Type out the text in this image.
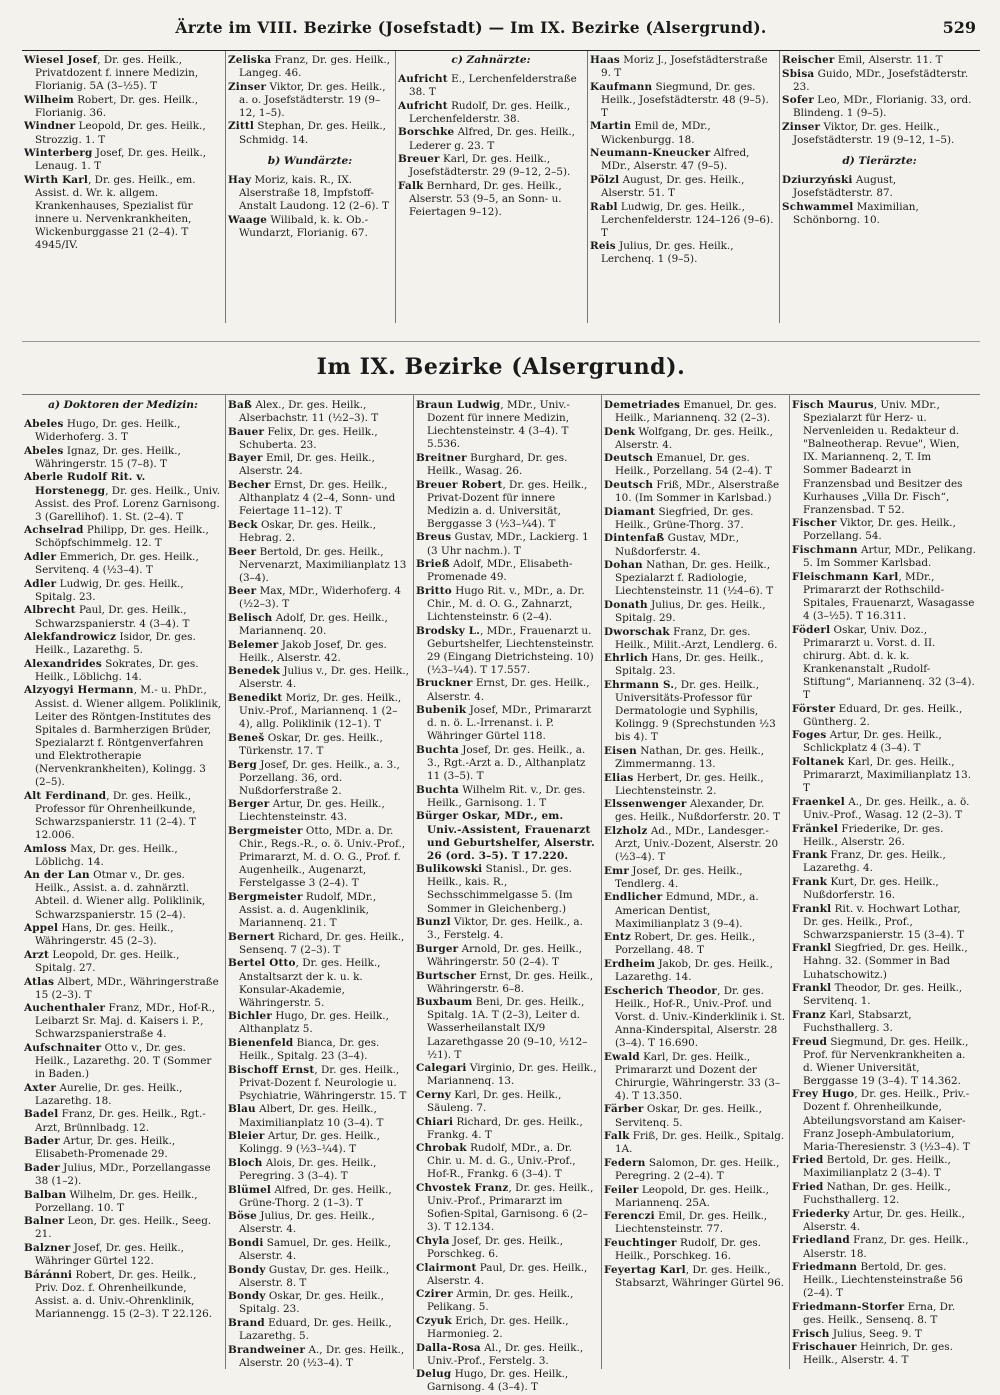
Ärzte im VIII. Bezirke (Josefstadt) — Im IX. Bezirke (Alsergrund).	529
Wiesel Josef, Dr. ges. Heilk., Privatdozent f. innere Medizin, Florianig. 5A (3–½5). T
Wilheim Robert, Dr. ges. Heilk., Florianig. 36.
Windner Leopold, Dr. ges. Heilk., Strozzig. 1. T
Winterberg Josef, Dr. ges. Heilk., Lenaug. 1. T
Wirth Karl, Dr. ges. Heilk., em. Assist. d. Wr. k. allgem. Krankenhauses, Spezialist für innere u. Nervenkrankheiten, Wickenburggasse 21 (2–4). T 4945/IV.
Zeliska Franz, Dr. ges. Heilk., Langeg. 46.
Zinser Viktor, Dr. ges. Heilk., a. o. Josefstädterstr. 19 (9–12, 1–5).
Zittl Stephan, Dr. ges. Heilk., Schmidg. 14.
b) Wundärzte:
Hay Moriz, kais. R., IX. Alserstraße 18, Impfstoff-Anstalt Laudong. 12 (2–6). T
Waage Wilibald, k. k. Ob.-Wundarzt, Florianig. 67.
c) Zahnärzte:
Aufricht E., Lerchenfelderstraße 38. T
Aufricht Rudolf, Dr. ges. Heilk., Lerchenfelderstr. 38.
Borschke Alfred, Dr. ges. Heilk., Lederer g. 23. T
Breuer Karl, Dr. ges. Heilk., Josefstädterstr. 29 (9–12, 2–5).
Falk Bernhard, Dr. ges. Heilk., Alserstr. 53 (9–5, an Sonn- u. Feiertagen 9–12).
Haas Moriz J., Josefstädterstraße 9. T
Kaufmann Siegmund, Dr. ges. Heilk., Josefstädterstr. 48 (9–5). T
Martin Emil de, MDr., Wickenburgg. 18.
Neumann-Kneucker Alfred, MDr., Alserstr. 47 (9–5).
Pölzl August, Dr. ges. Heilk., Alserstr. 51. T
Rabl Ludwig, Dr. ges. Heilk., Lerchenfelderstr. 124–126 (9–6). T
Reis Julius, Dr. ges. Heilk., Lerchenq. 1 (9–5).
Reischer Emil, Alserstr. 11. T
Sbisa Guido, MDr., Josefstädterstr. 23.
Sofer Leo, MDr., Florianig. 33, ord. Blindeng. 1 (9–5).
Zinser Viktor, Dr. ges. Heilk., Josefstädterstr. 19 (9–12, 1–5).
d) Tierärzte:
Dziurzyński August, Josefstädterstr. 87.
Schwammel Maximilian, Schönborng. 10.
Im IX. Bezirke (Alsergrund).
a) Doktoren der Medizin:
Abeles Hugo, Dr. ges. Heilk., Widerhoferg. 3. T
Abeles Ignaz, Dr. ges. Heilk., Währingerstr. 15 (7–8). T
Aberle Rudolf Rit. v. Horstenegg, Dr. ges. Heilk., Univ. Assist. des Prof. Lorenz Garnisong. 3 (Garellihof). 1. St. (2–4). T
Achselrad Philipp, Dr. ges. Heilk., Schöpfschimmelg. 12. T
Adler Emmerich, Dr. ges. Heilk., Servitenq. 4 (½3–4). T
Adler Ludwig, Dr. ges. Heilk., Spitalg. 23.
Albrecht Paul, Dr. ges. Heilk., Schwarzspanierstr. 4 (3–4). T
Alekfandrowicz Isidor, Dr. ges. Heilk., Lazarethg. 5.
Alexandrides Sokrates, Dr. ges. Heilk., Löblichg. 14.
Alzyogyi Hermann, M.- u. PhDr., Assist. d. Wiener allgem. Poliklinik, Leiter des Röntgen-Institutes des Spitales d. Barmherzigen Brüder, Spezialarzt f. Röntgenverfahren und Elektrotherapie (Nervenkrankheiten), Kolingg. 3 (2–5).
Alt Ferdinand, Dr. ges. Heilk., Professor für Ohrenheilkunde, Schwarzspanierstr. 11 (2–4). T 12.006.
Amloss Max, Dr. ges. Heilk., Löblichg. 14.
An der Lan Otmar v., Dr. ges. Heilk., Assist. a. d. zahnärztl. Abteil. d. Wiener allg. Poliklinik, Schwarzspanierstr. 15 (2–4).
Appel Hans, Dr. ges. Heilk., Währingerstr. 45 (2–3).
Arzt Leopold, Dr. ges. Heilk., Spitalg. 27.
Atlas Albert, MDr., Währingerstraße 15 (2–3). T
Auchenthaler Franz, MDr., Hof-R., Leibarzt Sr. Maj. d. Kaisers i. P., Schwarzspanierstraße 4.
Aufschnaiter Otto v., Dr. ges. Heilk., Lazarethg. 20. T (Sommer in Baden.)
Axter Aurelie, Dr. ges. Heilk., Lazarethg. 18.
Badel Franz, Dr. ges. Heilk., Rgt.-Arzt, Brünnlbadg. 12.
Bader Artur, Dr. ges. Heilk., Elisabeth-Promenade 29.
Bader Julius, MDr., Porzellangasse 38 (1–2).
Balban Wilhelm, Dr. ges. Heilk., Porzellang. 10. T
Balner Leon, Dr. ges. Heilk., Seeg. 21.
Balzner Josef, Dr. ges. Heilk., Währinger Gürtel 122.
Báránni Robert, Dr. ges. Heilk., Priv. Doz. f. Ohrenheilkunde, Assist. a. d. Univ.-Ohrenklinik, Mariannengg. 15 (2–3). T 22.126.
Baß Alex., Dr. ges. Heilk., Alserbachstr. 11 (½2–3). T
Bauer Felix, Dr. ges. Heilk., Schuberta. 23.
Bayer Emil, Dr. ges. Heilk., Alserstr. 24.
Becher Ernst, Dr. ges. Heilk., Althanplatz 4 (2–4, Sonn- und Feiertage 11–12). T
Beck Oskar, Dr. ges. Heilk., Hebrag. 2.
Beer Bertold, Dr. ges. Heilk., Nervenarzt, Maximilianplatz 13 (3–4).
Beer Max, MDr., Widerhoferg. 4 (½2–3). T
Belisch Adolf, Dr. ges. Heilk., Mariannenq. 20.
Belemer Jakob Josef, Dr. ges. Heilk., Alserstr. 42.
Benedek Julius v., Dr. ges. Heilk., Alserstr. 4.
Benedikt Moriz, Dr. ges. Heilk., Univ.-Prof., Mariannenq. 1 (2–4), allg. Poliklinik (12–1). T
Beneš Oskar, Dr. ges. Heilk., Türkenstr. 17. T
Berg Josef, Dr. ges. Heilk., a. 3., Porzellang. 36, ord. Nußdorferstraße 2.
Berger Artur, Dr. ges. Heilk., Liechtensteinstr. 43.
Bergmeister Otto, MDr. a. Dr. Chir., Regs.-R., o. ö. Univ.-Prof., Primararzt, M. d. O. G., Prof. f. Augenheilk., Augenarzt, Ferstelgasse 3 (2–4). T
Bergmeister Rudolf, MDr., Assist. a. d. Augenklinik, Mariannenq. 21. T
Bernert Richard, Dr. ges. Heilk., Sensenq. 7 (2–3). T
Bertel Otto, Dr. ges. Heilk., Anstaltsarzt der k. u. k. Konsular-Akademie, Währingerstr. 5.
Bichler Hugo, Dr. ges. Heilk., Althanplatz 5.
Bienenfeld Bianca, Dr. ges. Heilk., Spitalg. 23 (3–4).
Bischoff Ernst, Dr. ges. Heilk., Privat-Dozent f. Neurologie u. Psychiatrie, Währingerstr. 15. T
Blau Albert, Dr. ges. Heilk., Maximilianplatz 10 (3–4). T
Bleier Artur, Dr. ges. Heilk., Kolingg. 9 (½3–¼4). T
Bloch Alois, Dr. ges. Heilk., Peregring. 3 (3–4). T
Blümel Alfred, Dr. ges. Heilk., Grüne-Thorg. 2 (1–3). T
Böse Julius, Dr. ges. Heilk., Alserstr. 4.
Bondi Samuel, Dr. ges. Heilk., Alserstr. 4.
Bondy Gustav, Dr. ges. Heilk., Alserstr. 8. T
Bondy Oskar, Dr. ges. Heilk., Spitalg. 23.
Brand Eduard, Dr. ges. Heilk., Lazarethg. 5.
Brandweiner A., Dr. ges. Heilk., Alserstr. 20 (½3–4). T
Braun Ludwig, MDr., Univ.-Dozent für innere Medizin, Liechtensteinstr. 4 (3–4). T 5.536.
Breitner Burghard, Dr. ges. Heilk., Wasag. 26.
Breuer Robert, Dr. ges. Heilk., Privat-Dozent für innere Medizin a. d. Universität, Berggasse 3 (½3–¼4). T
Breus Gustav, MDr., Lackierg. 1 (3 Uhr nachm.). T
Brieß Adolf, MDr., Elisabeth-Promenade 49.
Britto Hugo Rit. v., MDr., a. Dr. Chir., M. d. O. G., Zahnarzt, Lichtensteinstr. 6 (2–4).
Brodsky L., MDr., Frauenarzt u. Geburtshelfer, Liechtensteinstr. 29 (Eingang Dietrichsteing. 10) (½3–¼4). T 17.557.
Bruckner Ernst, Dr. ges. Heilk., Alserstr. 4.
Bubenik Josef, MDr., Primararzt d. n. ö. L.-Irrenanst. i. P. Währinger Gürtel 118.
Buchta Josef, Dr. ges. Heilk., a. 3., Rgt.-Arzt a. D., Althanplatz 11 (3–5). T
Buchta Wilhelm Rit. v., Dr. ges. Heilk., Garnisong. 1. T
Bürger Oskar, MDr., em. Univ.-Assistent, Frauenarzt und Geburtshelfer, Alserstr. 26 (ord. 3–5). T 17.220.
Bulikowski Stanisl., Dr. ges. Heilk., kais. R., Sechsschimmelgasse 5. (Im Sommer in Gleichenberg.)
Bunzl Viktor, Dr. ges. Heilk., a. 3., Ferstelg. 4.
Burger Arnold, Dr. ges. Heilk., Währingerstr. 50 (2–4). T
Burtscher Ernst, Dr. ges. Heilk., Währingerstr. 6–8.
Buxbaum Beni, Dr. ges. Heilk., Spitalg. 1A. T (2–3), Leiter d. Wasserheilanstalt IX/9 Lazarethgasse 20 (9–10, ½12–½1). T
Calegari Virginio, Dr. ges. Heilk., Mariannenq. 13.
Cerny Karl, Dr. ges. Heilk., Säuleng. 7.
Chiari Richard, Dr. ges. Heilk., Frankg. 4. T
Chrobak Rudolf, MDr., a. Dr. Chir. u. M. d. G., Univ.-Prof., Hof-R., Frankg. 6 (3–4). T
Chvostek Franz, Dr. ges. Heilk., Univ.-Prof., Primararzt im Sofien-Spital, Garnisong. 6 (2–3). T 12.134.
Chyla Josef, Dr. ges. Heilk., Porschkeg. 6.
Clairmont Paul, Dr. ges. Heilk., Alserstr. 4.
Czirer Armin, Dr. ges. Heilk., Pelikang. 5.
Czyuk Erich, Dr. ges. Heilk., Harmonieg. 2.
Dalla-Rosa Al., Dr. ges. Heilk., Univ.-Prof., Ferstelg. 3.
Delug Hugo, Dr. ges. Heilk., Garnisong. 4 (3–4). T
Demetriades Emanuel, Dr. ges. Heilk., Mariannenq. 32 (2–3).
Denk Wolfgang, Dr. ges. Heilk., Alserstr. 4.
Deutsch Emanuel, Dr. ges. Heilk., Porzellang. 54 (2–4). T
Deutsch Friß, MDr., Alserstraße 10. (Im Sommer in Karlsbad.)
Diamant Siegfried, Dr. ges. Heilk., Grüne-Thorg. 37.
Dintenfaß Gustav, MDr., Nußdorferstr. 4.
Dohan Nathan, Dr. ges. Heilk., Spezialarzt f. Radiologie, Liechtensteinstr. 11 (½4–6). T
Donath Julius, Dr. ges. Heilk., Spitalg. 29.
Dworschak Franz, Dr. ges. Heilk., Milit.-Arzt, Lendlerg. 6.
Ehrlich Hans, Dr. ges. Heilk., Spitalg. 23.
Ehrmann S., Dr. ges. Heilk., Universitäts-Professor für Dermatologie und Syphilis, Kolingg. 9 (Sprechstunden ½3 bis 4). T
Eisen Nathan, Dr. ges. Heilk., Zimmermanng. 13.
Elias Herbert, Dr. ges. Heilk., Liechtensteinstr. 2.
Elssenwenger Alexander, Dr. ges. Heilk., Nußdorferstr. 20. T
Elzholz Ad., MDr., Landesger.-Arzt, Univ.-Dozent, Alserstr. 20 (½3–4). T
Emr Josef, Dr. ges. Heilk., Tendlerg. 4.
Endlicher Edmund, MDr., a. American Dentist, Maximilianplatz 3 (9–4).
Entz Robert, Dr. ges. Heilk., Porzellang. 48. T
Erdheim Jakob, Dr. ges. Heilk., Lazarethg. 14.
Escherich Theodor, Dr. ges. Heilk., Hof-R., Univ.-Prof. und Vorst. d. Univ.-Kinderklinik i. St. Anna-Kinderspital, Alserstr. 28 (3–4). T 16.690.
Ewald Karl, Dr. ges. Heilk., Primararzt und Dozent der Chirurgie, Währingerstr. 33 (3–4). T 13.350.
Färber Oskar, Dr. ges. Heilk., Servitenq. 5.
Falk Friß, Dr. ges. Heilk., Spitalg. 1A.
Federn Salomon, Dr. ges. Heilk., Peregring. 2 (2–4). T
Feiler Leopold, Dr. ges. Heilk., Mariannenq. 25A.
Ferenczi Emil, Dr. ges. Heilk., Liechtensteinstr. 77.
Feuchtinger Rudolf, Dr. ges. Heilk., Porschkeg. 16.
Feyertag Karl, Dr. ges. Heilk., Stabsarzt, Währinger Gürtel 96.
Fisch Maurus, Univ. MDr., Spezialarzt für Herz- u. Nervenleiden u. Redakteur d. "Balneotherap. Revue", Wien, IX. Mariannenq. 2, T. Im Sommer Badearzt in Franzensbad und Besitzer des Kurhauses „Villa Dr. Fisch“, Franzensbad. T 52.
Fischer Viktor, Dr. ges. Heilk., Porzellang. 54.
Fischmann Artur, MDr., Pelikang. 5. Im Sommer Karlsbad.
Fleischmann Karl, MDr., Primararzt der Rothschild-Spitales, Frauenarzt, Wasagasse 4 (3–½5). T 16.311.
Föderl Oskar, Univ. Doz., Primararzt u. Vorst. d. II. chirurg. Abt. d. k. k. Krankenanstalt „Rudolf-Stiftung“, Mariannenq. 32 (3–4). T
Förster Eduard, Dr. ges. Heilk., Güntherg. 2.
Foges Artur, Dr. ges. Heilk., Schlickplatz 4 (3–4). T
Foltanek Karl, Dr. ges. Heilk., Primararzt, Maximilianplatz 13. T
Fraenkel A., Dr. ges. Heilk., a. ö. Univ.-Prof., Wasag. 12 (2–3). T
Fränkel Friederike, Dr. ges. Heilk., Alserstr. 26.
Frank Franz, Dr. ges. Heilk., Lazarethg. 4.
Frank Kurt, Dr. ges. Heilk., Nußdorferstr. 16.
Frankl Rit. v. Hochwart Lothar, Dr. ges. Heilk., Prof., Schwarzspanierstr. 15 (3–4). T
Frankl Siegfried, Dr. ges. Heilk., Hahng. 32. (Sommer in Bad Luhatschowitz.)
Frankl Theodor, Dr. ges. Heilk., Servitenq. 1.
Franz Karl, Stabsarzt, Fuchsthallerg. 3.
Freud Siegmund, Dr. ges. Heilk., Prof. für Nervenkrankheiten a. d. Wiener Universität, Berggasse 19 (3–4). T 14.362.
Frey Hugo, Dr. ges. Heilk., Priv.-Dozent f. Ohrenheilkunde, Abteilungsvorstand am Kaiser-Franz Joseph-Ambulatorium, Maria-Theresienstr. 3 (½3–4). T
Fried Bertold, Dr. ges. Heilk., Maximilianplatz 2 (3–4). T
Fried Nathan, Dr. ges. Heilk., Fuchsthallerg. 12.
Friederky Artur, Dr. ges. Heilk., Alserstr. 4.
Friedland Franz, Dr. ges. Heilk., Alserstr. 18.
Friedmann Bertold, Dr. ges. Heilk., Liechtensteinstraße 56 (2–4). T
Friedmann-Storfer Erna, Dr. ges. Heilk., Sensenq. 8. T
Frisch Julius, Seeg. 9. T
Frischauer Heinrich, Dr. ges. Heilk., Alserstr. 4. T
